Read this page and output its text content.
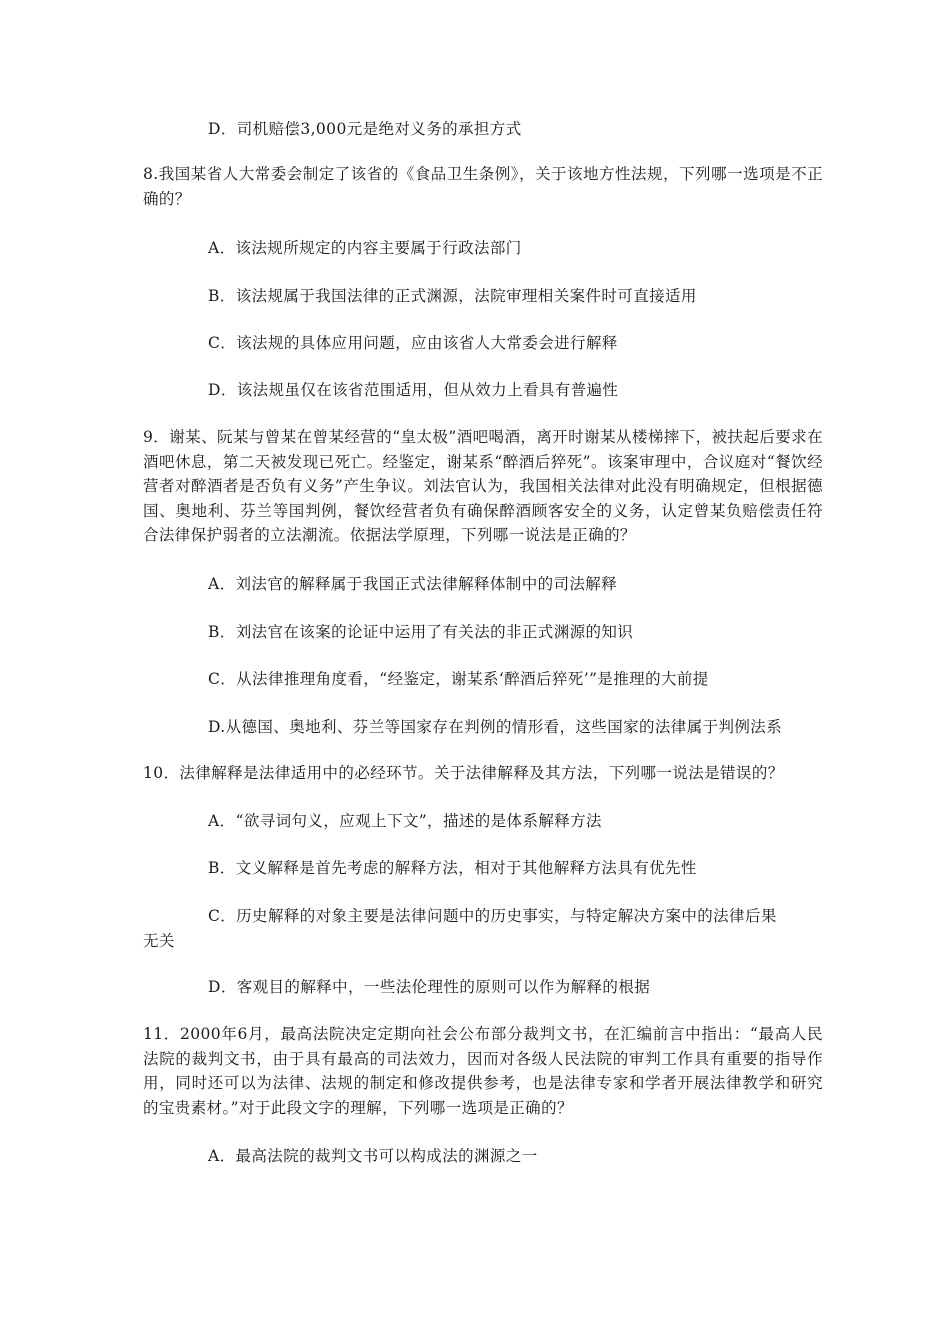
D．司机赔偿3,000元是绝对义务的承担方式
8.我国某省人大常委会制定了该省的《食品卫生条例》，关于该地方性法规，下列哪一选项是不正确的？
A．该法规所规定的内容主要属于行政法部门
B．该法规属于我国法律的正式渊源，法院审理相关案件时可直接适用
C．该法规的具体应用问题，应由该省人大常委会进行解释
D．该法规虽仅在该省范围适用，但从效力上看具有普遍性
9．谢某、阮某与曾某在曾某经营的“皇太极”酒吧喝酒，离开时谢某从楼梯摔下，被扶起后要求在酒吧休息，第二天被发现已死亡。经鉴定，谢某系“醉酒后猝死”。该案审理中，合议庭对“餐饮经营者对醉酒者是否负有义务”产生争议。刘法官认为，我国相关法律对此没有明确规定，但根据德国、奥地利、芬兰等国判例，餐饮经营者负有确保醉酒顾客安全的义务，认定曾某负赔偿责任符合法律保护弱者的立法潮流。依据法学原理，下列哪一说法是正确的？
A．刘法官的解释属于我国正式法律解释体制中的司法解释
B．刘法官在该案的论证中运用了有关法的非正式渊源的知识
C．从法律推理角度看，“经鉴定，谢某系‘醉酒后猝死’”是推理的大前提
D.从德国、奥地利、芬兰等国家存在判例的情形看，这些国家的法律属于判例法系
10．法律解释是法律适用中的必经环节。关于法律解释及其方法，下列哪一说法是错误的？
A．“欲寻词句义，应观上下文”，描述的是体系解释方法
B．文义解释是首先考虑的解释方法，相对于其他解释方法具有优先性
C．历史解释的对象主要是法律问题中的历史事实，与特定解决方案中的法律后果
无关
D．客观目的解释中，一些法伦理性的原则可以作为解释的根据
11．2000年6月，最高法院决定定期向社会公布部分裁判文书，在汇编前言中指出：“最高人民法院的裁判文书，由于具有最高的司法效力，因而对各级人民法院的审判工作具有重要的指导作用，同时还可以为法律、法规的制定和修改提供参考，也是法律专家和学者开展法律教学和研究的宝贵素材。”对于此段文字的理解，下列哪一选项是正确的？
A．最高法院的裁判文书可以构成法的渊源之一
